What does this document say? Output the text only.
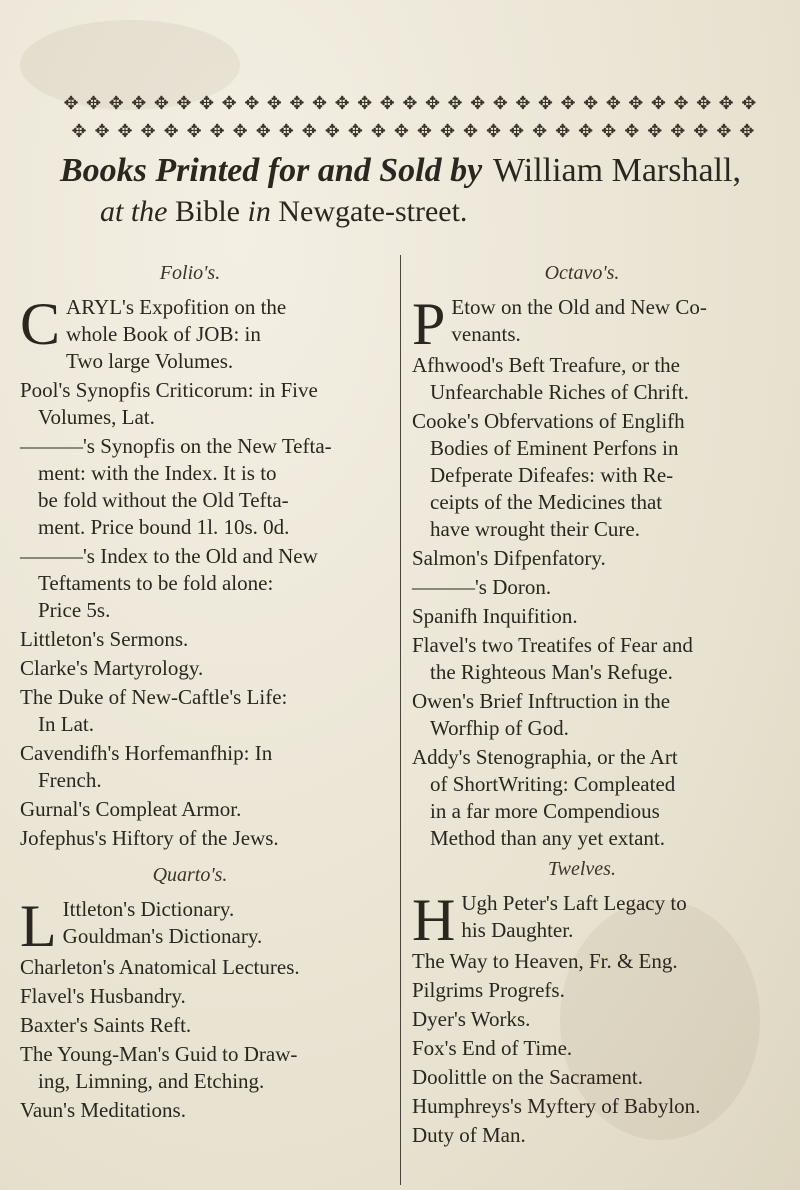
✥ ✥ ✥ ✥ ✥ ✥ ✥ ✥ ✥ ✥ ✥ ✥ ✥ ✥ ✥ ✥ ✥ ✥ ✥ ✥ ✥ ✥ ✥ ✥ ✥ ✥ ✥ ✥ ✥ ✥ ✥
✥ ✥ ✥ ✥ ✥ ✥ ✥ ✥ ✥ ✥ ✥ ✥ ✥ ✥ ✥ ✥ ✥ ✥ ✥ ✥ ✥ ✥ ✥ ✥ ✥ ✥ ✥ ✥ ✥ ✥
Books Printed for and Sold by William Marshall,
at the Bible in Newgate-street.
Folio's.
C ARYL's Expofition on the
whole Book of JOB: in
Two large Volumes.
Pool's Synopfis Criticorum: in Five
Volumes, Lat.
———'s Synopfis on the New Tefta-
ment: with the Index. It is to
be fold without the Old Tefta-
ment. Price bound 1l. 10s. 0d.
———'s Index to the Old and New
Teftaments to be fold alone:
Price 5s.
Littleton's Sermons.
Clarke's Martyrology.
The Duke of New-Caftle's Life:
In Lat.
Cavendifh's Horfemanfhip: In
French.
Gurnal's Compleat Armor.
Jofephus's Hiftory of the Jews.
Quarto's.
L Ittleton's Dictionary.
Gouldman's Dictionary.
Charleton's Anatomical Lectures.
Flavel's Husbandry.
Baxter's Saints Reft.
The Young-Man's Guid to Draw-
ing, Limning, and Etching.
Vaun's Meditations.
Octavo's.
P Etow on the Old and New Co-
venants.
Afhwood's Beft Treafure, or the
Unfearchable Riches of Chrift.
Cooke's Obfervations of Englifh
Bodies of Eminent Perfons in
Defperate Difeafes: with Re-
ceipts of the Medicines that
have wrought their Cure.
Salmon's Difpenfatory.
———'s Doron.
Spanifh Inquifition.
Flavel's two Treatifes of Fear and
the Righteous Man's Refuge.
Owen's Brief Inftruction in the
Worfhip of God.
Addy's Stenographia, or the Art
of ShortWriting: Compleated
in a far more Compendious
Method than any yet extant.
Twelves.
H Ugh Peter's Laft Legacy to
his Daughter.
The Way to Heaven, Fr. & Eng.
Pilgrims Progrefs.
Dyer's Works.
Fox's End of Time.
Doolittle on the Sacrament.
Humphreys's Myftery of Babylon.
Duty of Man.
